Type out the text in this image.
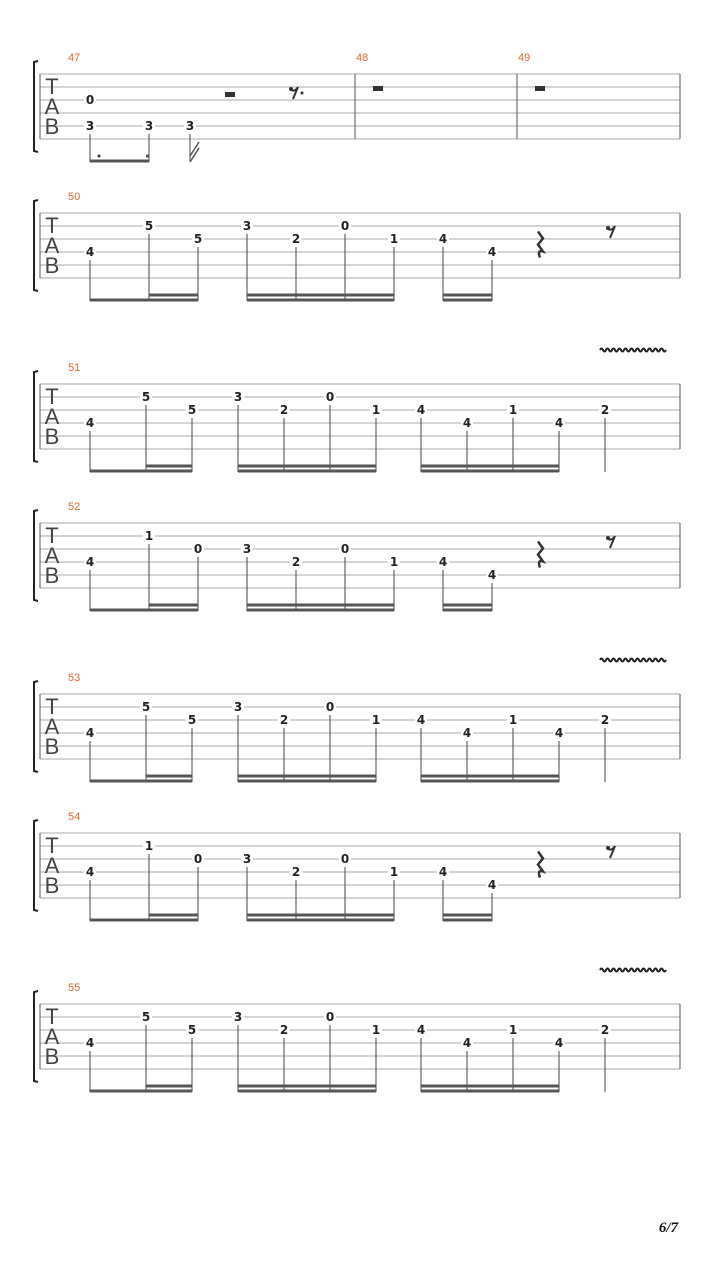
T
A
B
47
0
3	3	3
48	49
T
A
B
50
4
5
5
3
2
0
1	4
4
T
A
B
51
4
5
5
3
2
0
1	4
4
1
4
2
T
A
B
52
4
1
0	3
2
0
1	4
4
T
A
B
53
4
5
5
3
2
0
1	4
4
1
4
2
T
A
B
54
4
1
0	3
2
0
1	4
4
T
A
B
55
4
5
5
3
2
0
1	4
4
1
4
2
6/7
